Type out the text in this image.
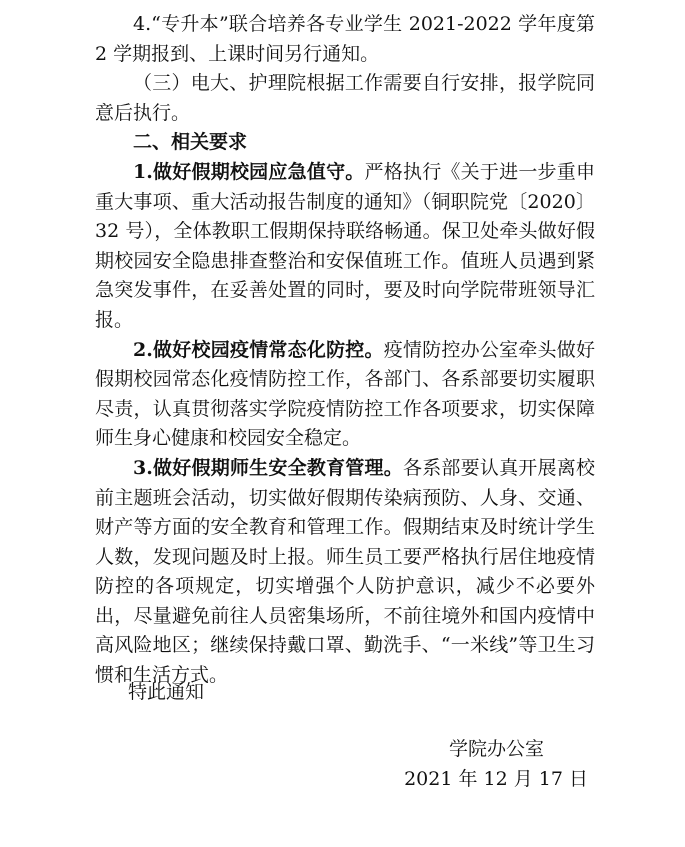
4.“专升本”联合培养各专业学生 2021-2022 学年度第 2 学期报到、上课时间另行通知。

（三）电大、护理院根据工作需要自行安排，报学院同意后执行。

二、相关要求

1.做好假期校园应急值守。严格执行《关于进一步重申重大事项、重大活动报告制度的通知》（铜职院党〔2020〕32 号），全体教职工假期保持联络畅通。保卫处牵头做好假期校园安全隐患排查整治和安保值班工作。值班人员遇到紧急突发事件，在妥善处置的同时，要及时向学院带班领导汇报。

2.做好校园疫情常态化防控。疫情防控办公室牵头做好假期校园常态化疫情防控工作，各部门、各系部要切实履职尽责，认真贯彻落实学院疫情防控工作各项要求，切实保障师生身心健康和校园安全稳定。

3.做好假期师生安全教育管理。各系部要认真开展离校前主题班会活动，切实做好假期传染病预防、人身、交通、财产等方面的安全教育和管理工作。假期结束及时统计学生人数，发现问题及时上报。师生员工要严格执行居住地疫情防控的各项规定，切实增强个人防护意识，减少不必要外出，尽量避免前往人员密集场所，不前往境外和国内疫情中高风险地区；继续保持戴口罩、勤洗手、“一米线”等卫生习惯和生活方式。

特此通知
学院办公室
2021 年 12 月 17 日
